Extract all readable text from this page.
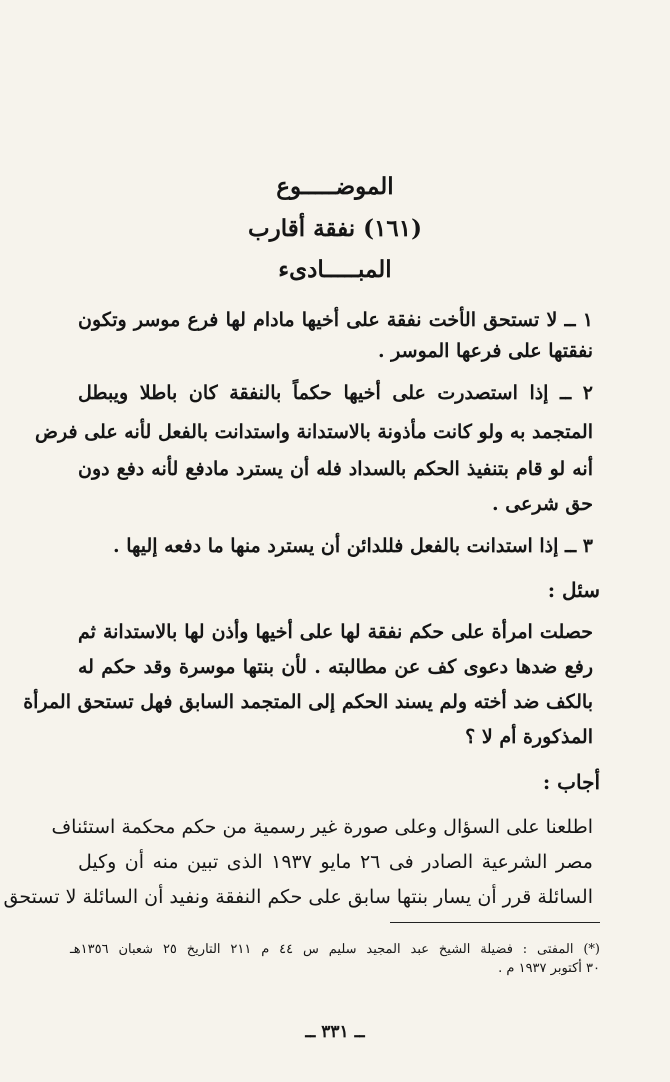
الموضـــــوع
(١٦١) نفقة أقارب
المبـــــادىء
١ ــ لا تستحق الأخت نفقة على أخيها مادام لها فرع موسر وتكون
نفقتها على فرعها الموسر .
٢ ــ إذا استصدرت على أخيها حكماً بالنفقة كان باطلا ويبطل
المتجمد به ولو كانت مأذونة بالاستدانة واستدانت بالفعل لأنه على فرض
أنه لو قام بتنفيذ الحكم بالسداد فله أن يسترد مادفع لأنه دفع دون
حق شرعى .
٣ ــ إذا استدانت بالفعل فللدائن أن يسترد منها ما دفعه إليها .
سئل :
حصلت امرأة على حكم نفقة لها على أخيها وأذن لها بالاستدانة ثم
رفع ضدها دعوى كف عن مطالبته . لأن بنتها موسرة وقد حكم له
بالكف ضد أخته ولم يسند الحكم إلى المتجمد السابق فهل تستحق المرأة
المذكورة أم لا ؟
أجاب :
اطلعنا على السؤال وعلى صورة غير رسمية من حكم محكمة استئناف
مصر الشرعية الصادر فى ٢٦ مايو ١٩٣٧ الذى تبين منه أن وكيل
السائلة قرر أن يسار بنتها سابق على حكم النفقة ونفيد أن السائلة لا تستحق
(*) المفتى : فضيلة الشيخ عبد المجيد سليم س ٤٤ م ٢١١ التاريخ ٢٥ شعبان ١٣٥٦هـ
٣٠ أكتوبر ١٩٣٧ م .
ــ ٣٣١ ــ
